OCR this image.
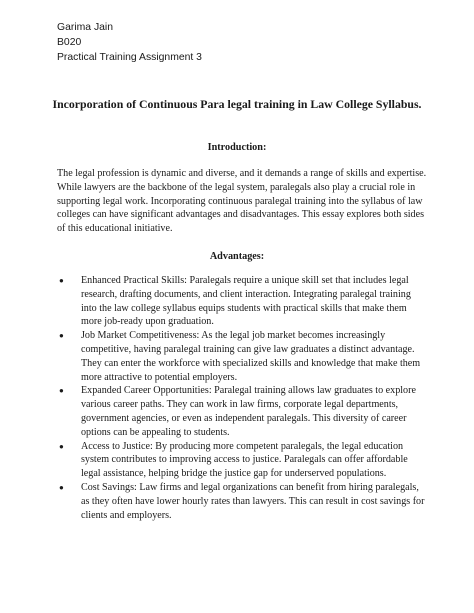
Garima Jain
B020
Practical Training Assignment 3
Incorporation of Continuous Para legal training in Law College Syllabus.
Introduction:

The legal profession is dynamic and diverse, and it demands a range of skills and expertise. While lawyers are the backbone of the legal system, paralegals also play a crucial role in supporting legal work. Incorporating continuous paralegal training into the syllabus of law colleges can have significant advantages and disadvantages. This essay explores both sides of this educational initiative.

Advantages:
● Enhanced Practical Skills: Paralegals require a unique skill set that includes legal research, drafting documents, and client interaction. Integrating paralegal training into the law college syllabus equips students with practical skills that make them more job-ready upon graduation.
● Job Market Competitiveness: As the legal job market becomes increasingly competitive, having paralegal training can give law graduates a distinct advantage. They can enter the workforce with specialized skills and knowledge that make them more attractive to potential employers.
● Expanded Career Opportunities: Paralegal training allows law graduates to explore various career paths. They can work in law firms, corporate legal departments, government agencies, or even as independent paralegals. This diversity of career options can be appealing to students.
● Access to Justice: By producing more competent paralegals, the legal education system contributes to improving access to justice. Paralegals can offer affordable legal assistance, helping bridge the justice gap for underserved populations.
● Cost Savings: Law firms and legal organizations can benefit from hiring paralegals, as they often have lower hourly rates than lawyers. This can result in cost savings for clients and employers.
